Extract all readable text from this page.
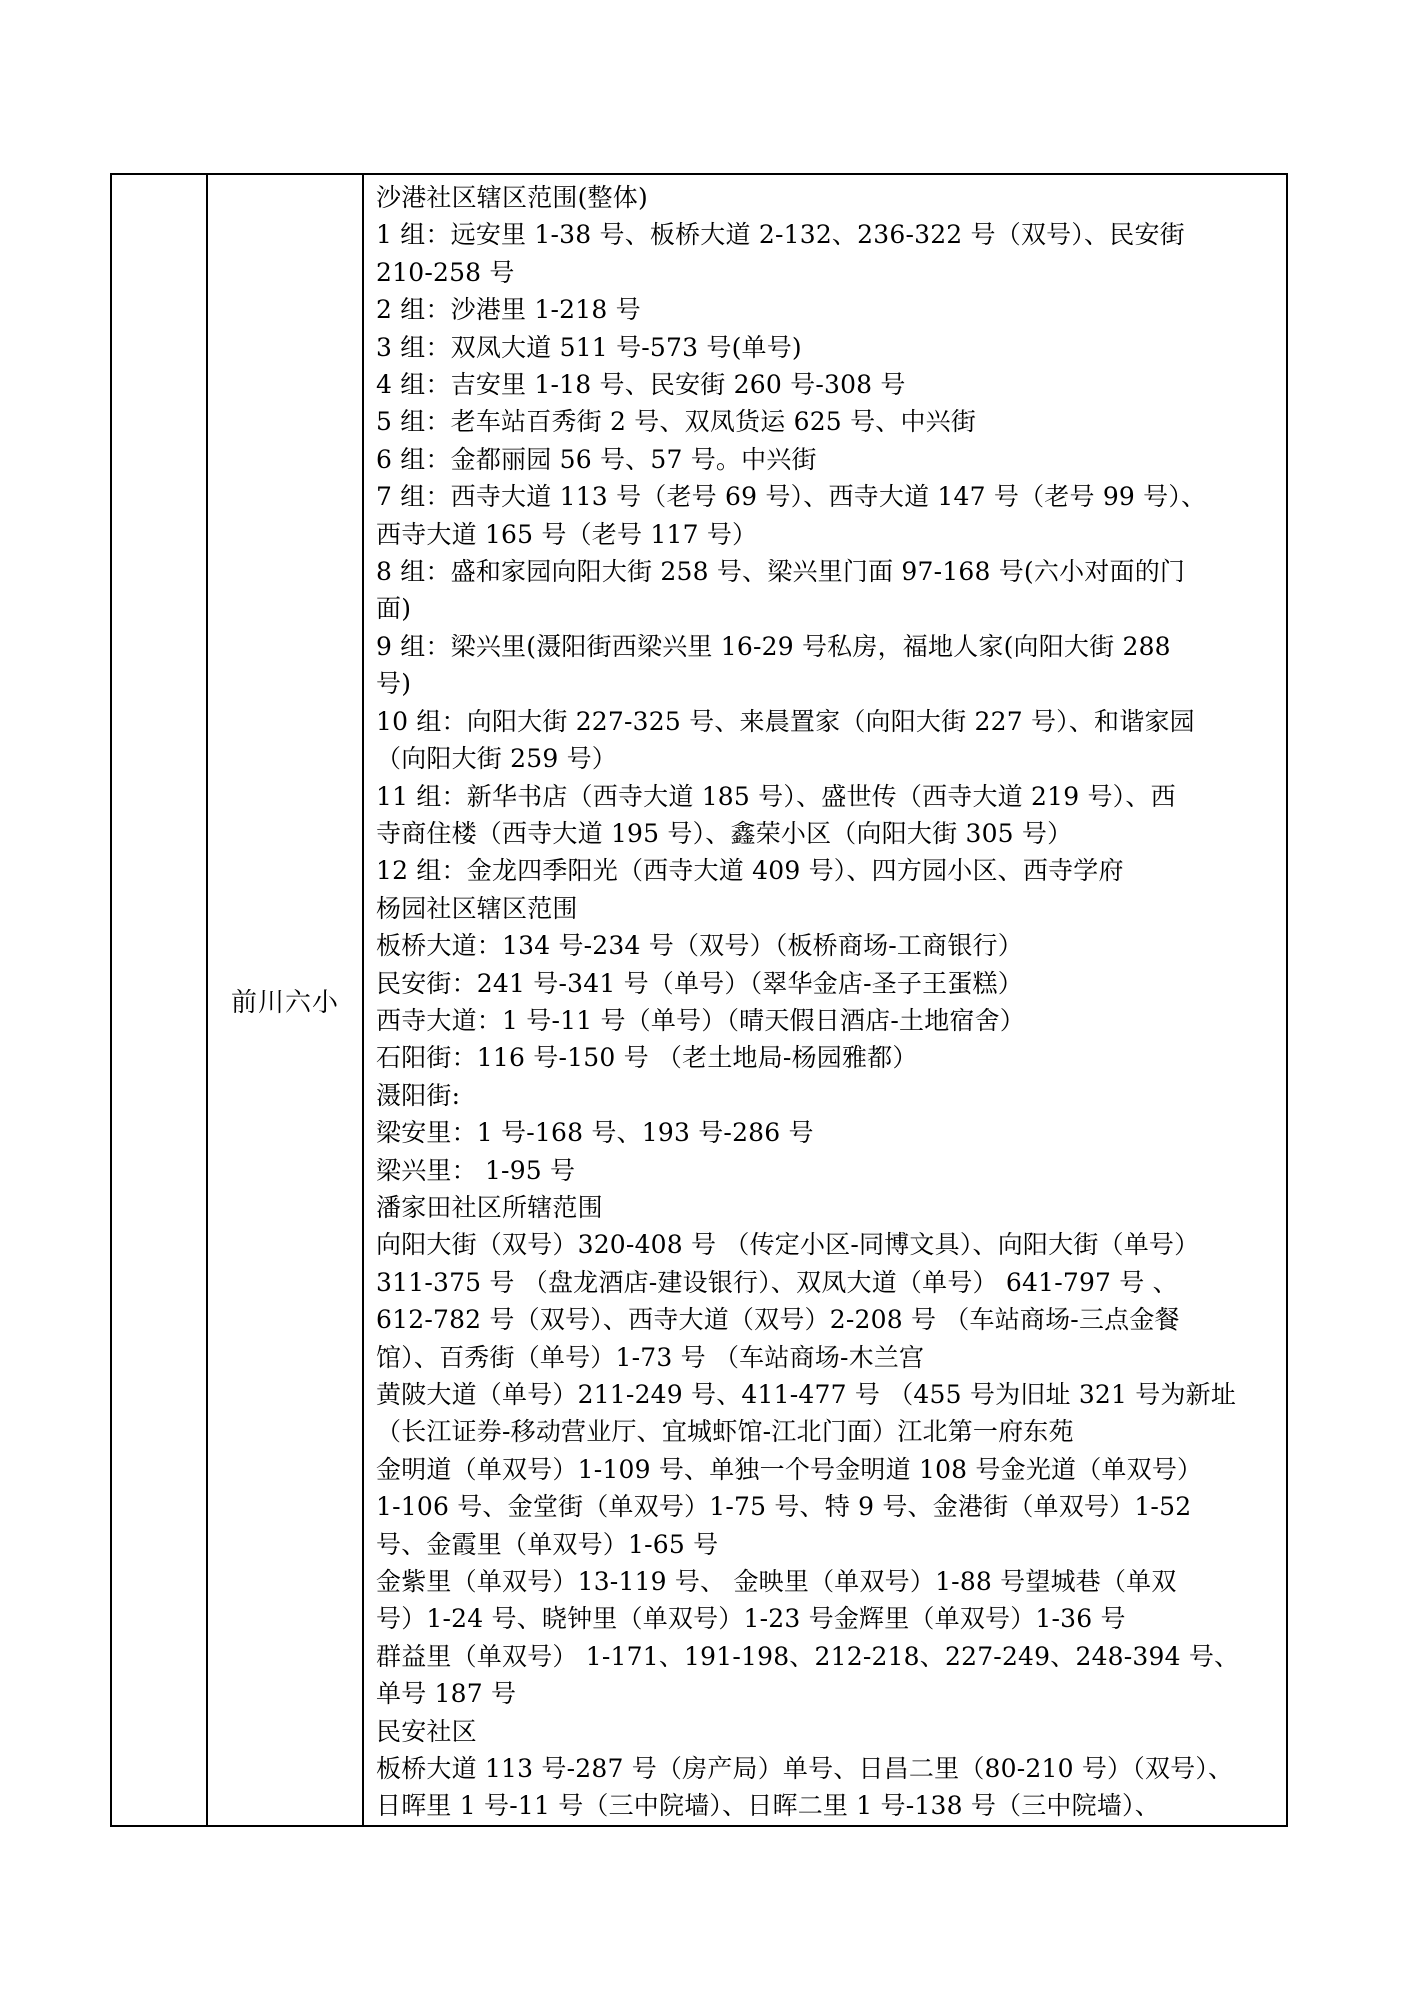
	前川六小	
沙港社区辖区范围(整体)
1 组：远安里 1-38 号、板桥大道 2-132、236-322 号（双号）、民安街
210-258 号
2 组：沙港里 1-218 号
3 组：双凤大道 511 号-573 号(单号)
4 组：吉安里 1-18 号、民安街 260 号-308 号
5 组：老车站百秀街 2 号、双凤货运 625 号、中兴街
6 组：金都丽园 56 号、57 号。中兴街
7 组：西寺大道 113 号（老号 69 号）、西寺大道 147 号（老号 99 号）、
西寺大道 165 号（老号 117 号）
8 组：盛和家园向阳大街 258 号、梁兴里门面 97-168 号(六小对面的门
面)
9 组：梁兴里(滠阳街西梁兴里 16-29 号私房，福地人家(向阳大街 288
号)
10 组：向阳大街 227-325 号、来晨置家（向阳大街 227 号）、和谐家园
（向阳大街 259 号）
11 组：新华书店（西寺大道 185 号）、盛世传（西寺大道 219 号）、西
寺商住楼（西寺大道 195 号）、鑫荣小区（向阳大街 305 号）
12 组：金龙四季阳光（西寺大道 409 号）、四方园小区、西寺学府
杨园社区辖区范围
板桥大道：134 号-234 号（双号）（板桥商场-工商银行）
民安街：241 号-341 号（单号）（翠华金店-圣子王蛋糕）
西寺大道：1 号-11 号（单号）（晴天假日酒店-土地宿舍）
石阳街：116 号-150 号 （老土地局-杨园雅都）
滠阳街:
梁安里：1 号-168 号、193 号-286 号
梁兴里： 1-95 号
潘家田社区所辖范围
向阳大街（双号）320-408 号 （传定小区-同博文具）、向阳大街（单号）
311-375 号 （盘龙酒店-建设银行）、双凤大道（单号） 641-797 号 、
612-782 号（双号）、西寺大道（双号）2-208 号 （车站商场-三点金餐
馆）、百秀街（单号）1-73 号 （车站商场-木兰宫
黄陂大道（单号）211-249 号、411-477 号 （455 号为旧址 321 号为新址
（长江证券-移动营业厅、宜城虾馆-江北门面）江北第一府东苑
金明道（单双号）1-109 号、单独一个号金明道 108 号金光道（单双号）
1-106 号、金堂街（单双号）1-75 号、特 9 号、金港街（单双号）1-52
号、金霞里（单双号）1-65 号
金紫里（单双号）13-119 号、 金映里（单双号）1-88 号望城巷（单双
号）1-24 号、晓钟里（单双号）1-23 号金辉里（单双号）1-36 号
群益里（单双号） 1-171、191-198、212-218、227-249、248-394 号、
单号 187 号
民安社区
板桥大道 113 号-287 号（房产局）单号、日昌二里（80-210 号）（双号）、
日晖里 1 号-11 号（三中院墙）、日晖二里 1 号-138 号（三中院墙）、
